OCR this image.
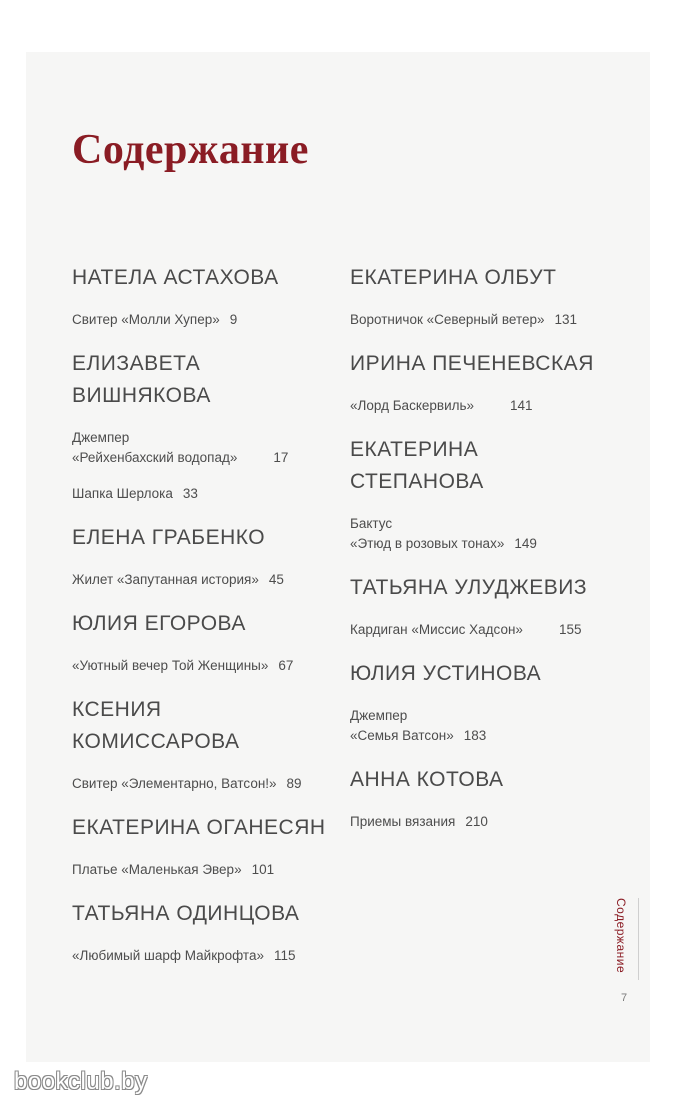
Содержание
НАТЕЛА АСТАХОВА
Свитер «Молли Хупер» 9
ЕЛИЗАВЕТА ВИШНЯКОВА
Джемпер
«Рейхенбахский водопад»	17
Шапка Шерлока 33
ЕЛЕНА ГРАБЕНКО
Жилет «Запутанная история» 45
ЮЛИЯ ЕГОРОВА
«Уютный вечер Той Женщины» 67
КСЕНИЯ КОМИССАРОВА
Свитер «Элементарно, Ватсон!» 89
ЕКАТЕРИНА ОГАНЕСЯН
Платье «Маленькая Эвер» 101
ТАТЬЯНА ОДИНЦОВА
«Любимый шарф Майкрофта» 115
ЕКАТЕРИНА ОЛБУТ
Воротничок «Северный ветер» 131
ИРИНА ПЕЧЕНЕВСКАЯ
«Лорд Баскервиль»	141
ЕКАТЕРИНА СТЕПАНОВА
Бактус
«Этюд в розовых тонах» 149
ТАТЬЯНА УЛУДЖЕВИЗ
Кардиган «Миссис Хадсон»	155
ЮЛИЯ УСТИНОВА
Джемпер
«Семья Ватсон» 183
АННА КОТОВА
Приемы вязания 210
Содержание
7
bookclub.by
